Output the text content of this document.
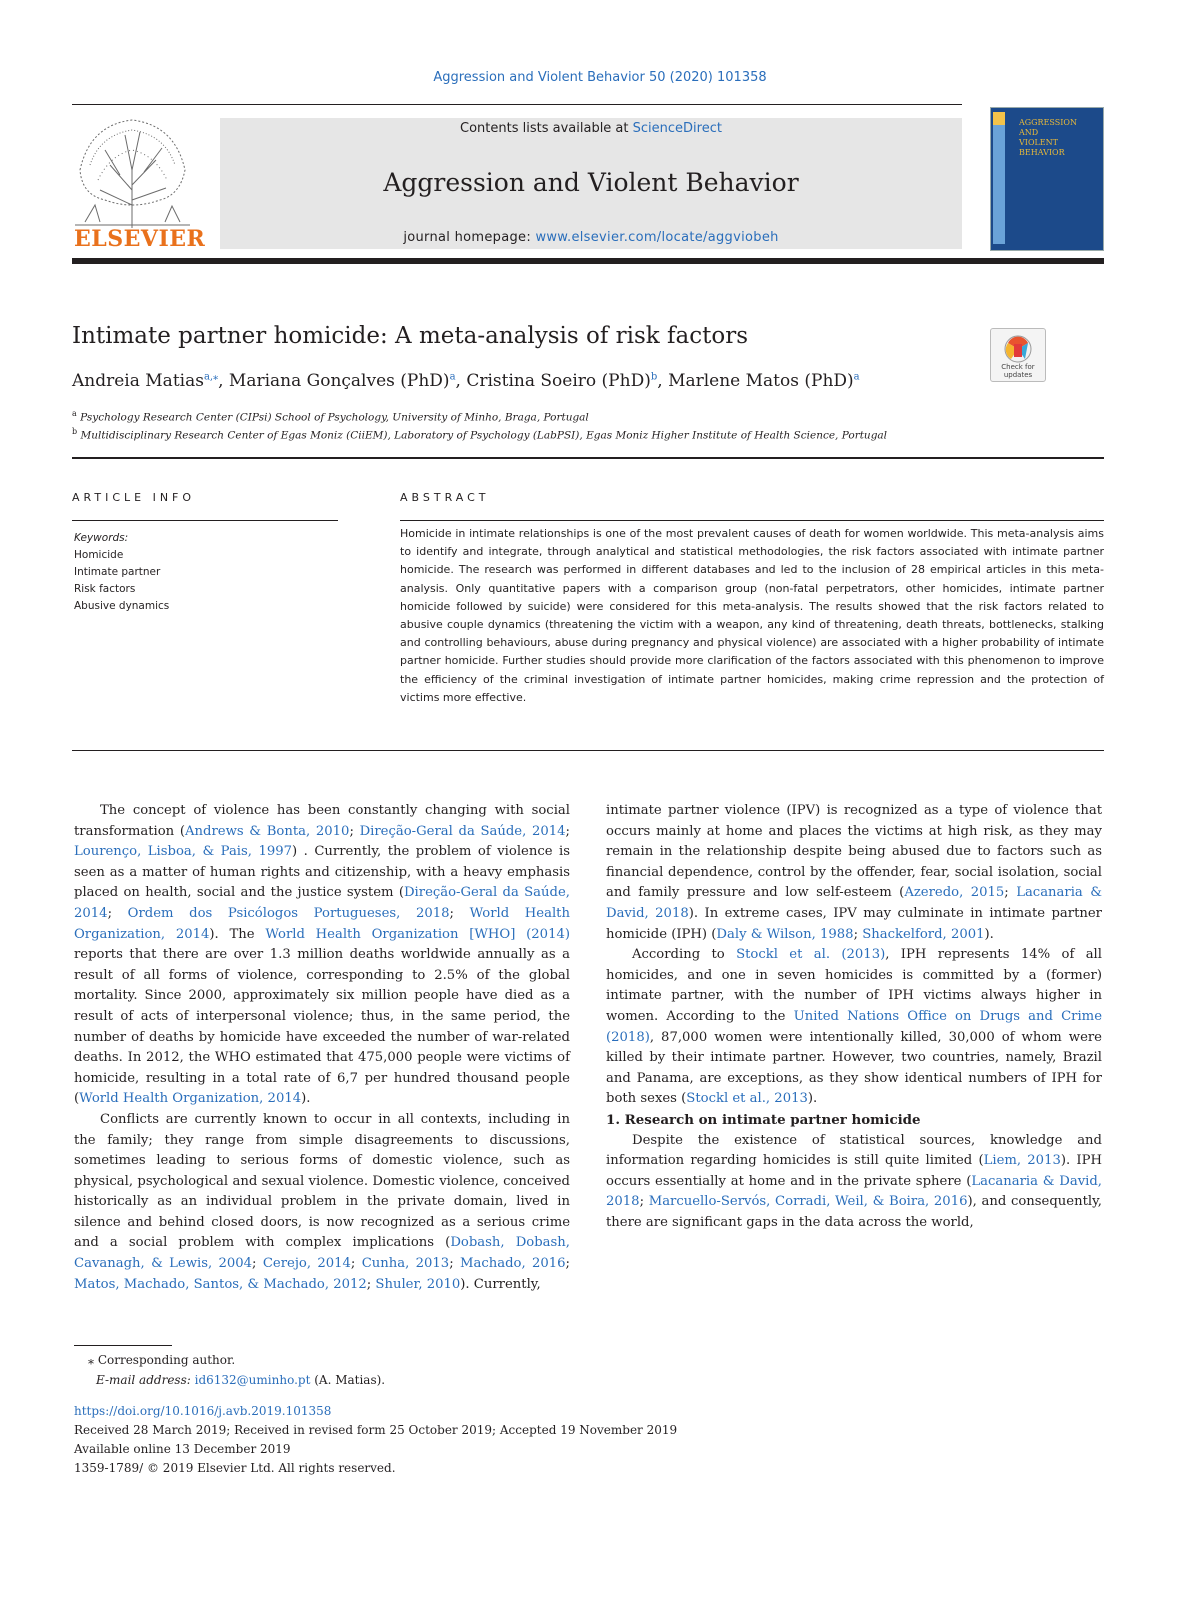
Aggression and Violent Behavior 50 (2020) 101358
ELSEVIER
Contents lists available at ScienceDirect
Aggression and Violent Behavior
journal homepage: www.elsevier.com/locate/aggviobeh
AGGRESSION
AND
VIOLENT
BEHAVIOR
Intimate partner homicide: A meta-analysis of risk factors
Check for updates
Andreia Matias$^{a,⁎}$, Mariana Gonçalves (PhD)$^a$, Cristina Soeiro (PhD)$^b$, Marlene Matos (PhD)$^a$
$^a$ Psychology Research Center (CIPsi) School of Psychology, University of Minho, Braga, Portugal
$^b$ Multidisciplinary Research Center of Egas Moniz (CiiEM), Laboratory of Psychology (LabPSI), Egas Moniz Higher Institute of Health Science, Portugal
ARTICLE INFO	ABSTRACT
Keywords:
Homicide
Intimate partner
Risk factors
Abusive dynamics
Homicide in intimate relationships is one of the most prevalent causes of death for women worldwide. This meta-analysis aims to identify and integrate, through analytical and statistical methodologies, the risk factors associated with intimate partner homicide. The research was performed in different databases and led to the inclusion of 28 empirical articles in this meta-analysis. Only quantitative papers with a comparison group (non-fatal perpetrators, other homicides, intimate partner homicide followed by suicide) were considered for this meta-analysis. The results showed that the risk factors related to abusive couple dynamics (threatening the victim with a weapon, any kind of threatening, death threats, bottlenecks, stalking and controlling behaviours, abuse during pregnancy and physical violence) are associated with a higher probability of intimate partner homicide. Further studies should provide more clarification of the factors associated with this phenomenon to improve the efficiency of the criminal investigation of intimate partner homicides, making crime repression and the protection of victims more effective.

The concept of violence has been constantly changing with social transformation (Andrews & Bonta, 2010; Direção-Geral da Saúde, 2014; Lourenço, Lisboa, & Pais, 1997) . Currently, the problem of violence is seen as a matter of human rights and citizenship, with a heavy emphasis placed on health, social and the justice system (Direção-Geral da Saúde, 2014; Ordem dos Psicólogos Portugueses, 2018; World Health Organization, 2014). The World Health Organization [WHO] (2014) reports that there are over 1.3 million deaths worldwide annually as a result of all forms of violence, corresponding to 2.5% of the global mortality. Since 2000, approximately six million people have died as a result of acts of interpersonal violence; thus, in the same period, the number of deaths by homicide have exceeded the number of war-related deaths. In 2012, the WHO estimated that 475,000 people were victims of homicide, resulting in a total rate of 6,7 per hundred thousand people (World Health Organization, 2014).

Conflicts are currently known to occur in all contexts, including in the family; they range from simple disagreements to discussions, sometimes leading to serious forms of domestic violence, such as physical, psychological and sexual violence. Domestic violence, conceived historically as an individual problem in the private domain, lived in silence and behind closed doors, is now recognized as a serious crime and a social problem with complex implications (Dobash, Dobash, Cavanagh, & Lewis, 2004; Cerejo, 2014; Cunha, 2013; Machado, 2016; Matos, Machado, Santos, & Machado, 2012; Shuler, 2010). Currently,

intimate partner violence (IPV) is recognized as a type of violence that occurs mainly at home and places the victims at high risk, as they may remain in the relationship despite being abused due to factors such as financial dependence, control by the offender, fear, social isolation, social and family pressure and low self-esteem (Azeredo, 2015; Lacanaria & David, 2018). In extreme cases, IPV may culminate in intimate partner homicide (IPH) (Daly & Wilson, 1988; Shackelford, 2001).

According to Stockl et al. (2013), IPH represents 14% of all homicides, and one in seven homicides is committed by a (former) intimate partner, with the number of IPH victims always higher in women. According to the United Nations Office on Drugs and Crime (2018), 87,000 women were intentionally killed, 30,000 of whom were killed by their intimate partner. However, two countries, namely, Brazil and Panama, are exceptions, as they show identical numbers of IPH for both sexes (Stockl et al., 2013).

1. Research on intimate partner homicide

Despite the existence of statistical sources, knowledge and information regarding homicides is still quite limited (Liem, 2013). IPH occurs essentially at home and in the private sphere (Lacanaria & David, 2018; Marcuello-Servós, Corradi, Weil, & Boira, 2016), and consequently, there are significant gaps in the data across the world,

⁎ Corresponding author.
E-mail address: id6132@uminho.pt (A. Matias).
https://doi.org/10.1016/j.avb.2019.101358
Received 28 March 2019; Received in revised form 25 October 2019; Accepted 19 November 2019
Available online 13 December 2019
1359-1789/ © 2019 Elsevier Ltd. All rights reserved.
